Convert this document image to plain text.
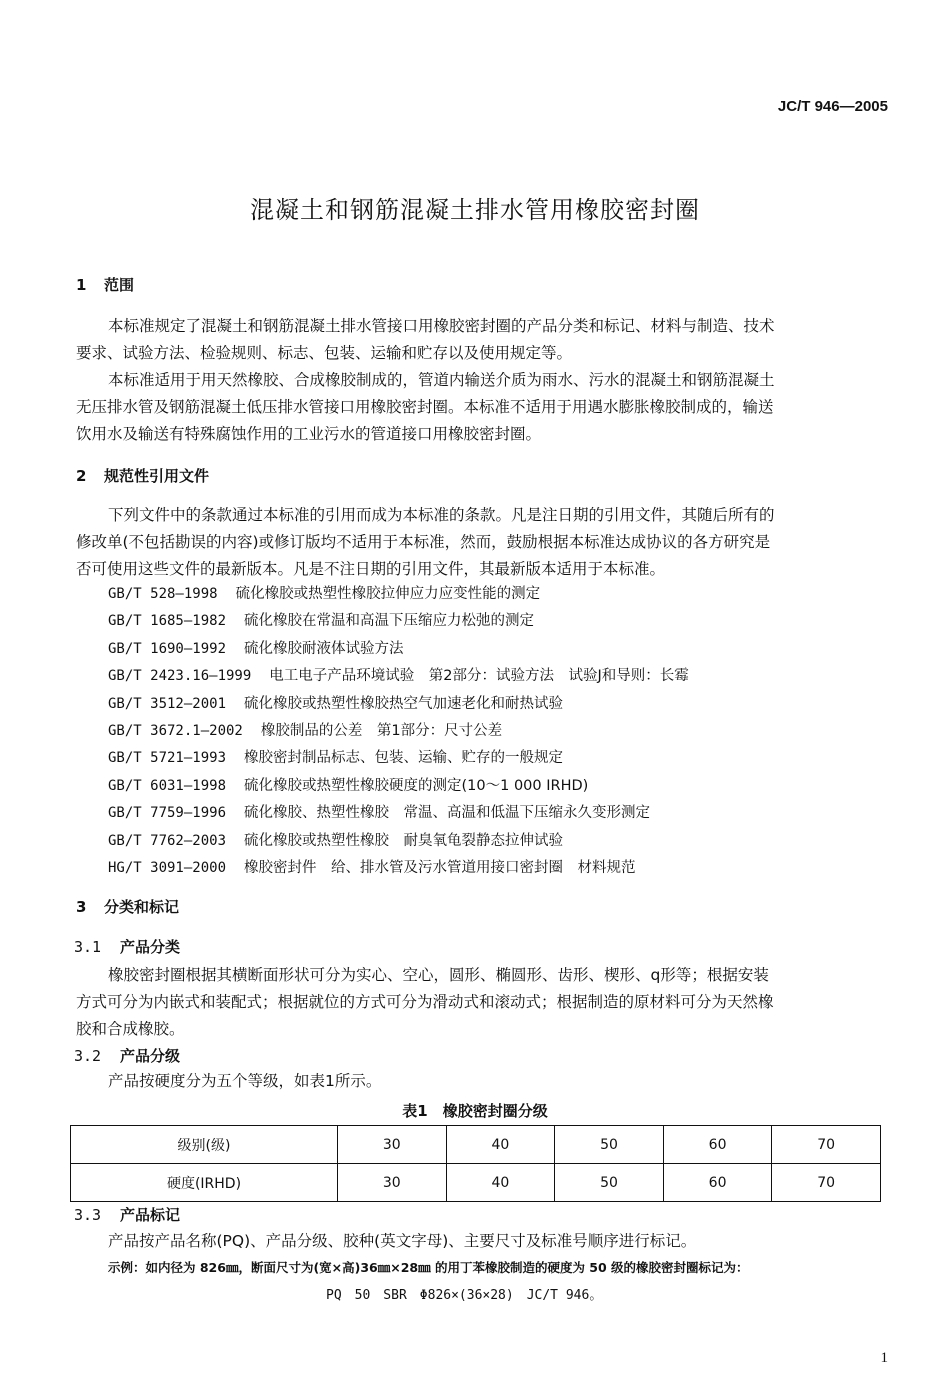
JC/T 946—2005
混凝土和钢筋混凝土排水管用橡胶密封圈
1 范围
本标准规定了混凝土和钢筋混凝土排水管接口用橡胶密封圈的产品分类和标记、材料与制造、技术
要求、试验方法、检验规则、标志、包装、运输和贮存以及使用规定等。
本标准适用于用天然橡胶、合成橡胶制成的，管道内输送介质为雨水、污水的混凝土和钢筋混凝土
无压排水管及钢筋混凝土低压排水管接口用橡胶密封圈。本标准不适用于用遇水膨胀橡胶制成的，输送
饮用水及输送有特殊腐蚀作用的工业污水的管道接口用橡胶密封圈。
2 规范性引用文件
下列文件中的条款通过本标准的引用而成为本标准的条款。凡是注日期的引用文件，其随后所有的
修改单(不包括勘误的内容)或修订版均不适用于本标准，然而，鼓励根据本标准达成协议的各方研究是
否可使用这些文件的最新版本。凡是不注日期的引用文件，其最新版本适用于本标准。
GB/T 528—1998 硫化橡胶或热塑性橡胶拉伸应力应变性能的测定
GB/T 1685—1982 硫化橡胶在常温和高温下压缩应力松弛的测定
GB/T 1690—1992 硫化橡胶耐液体试验方法
GB/T 2423.16—1999 电工电子产品环境试验　第2部分：试验方法　试验J和导则：长霉
GB/T 3512—2001 硫化橡胶或热塑性橡胶热空气加速老化和耐热试验
GB/T 3672.1—2002 橡胶制品的公差　第1部分：尺寸公差
GB/T 5721—1993 橡胶密封制品标志、包装、运输、贮存的一般规定
GB/T 6031—1998 硫化橡胶或热塑性橡胶硬度的测定(10～1 000 IRHD)
GB/T 7759—1996 硫化橡胶、热塑性橡胶　常温、高温和低温下压缩永久变形测定
GB/T 7762—2003 硫化橡胶或热塑性橡胶　耐臭氧龟裂静态拉伸试验
HG/T 3091—2000 橡胶密封件　给、排水管及污水管道用接口密封圈　材料规范
3 分类和标记
3.1 产品分类
橡胶密封圈根据其横断面形状可分为实心、空心，圆形、椭圆形、齿形、楔形、q形等；根据安装
方式可分为内嵌式和装配式；根据就位的方式可分为滑动式和滚动式；根据制造的原材料可分为天然橡
胶和合成橡胶。
3.2 产品分级
产品按硬度分为五个等级，如表1所示。
表1　橡胶密封圈分级
级别(级)	30	40	50	60	70
硬度(IRHD)	30	40	50	60	70
3.3 产品标记
产品按产品名称(PQ)、产品分级、胶种(英文字母)、主要尺寸及标准号顺序进行标记。
示例：如内径为 826㎜，断面尺寸为(宽×高)36㎜×28㎜ 的用丁苯橡胶制造的硬度为 50 级的橡胶密封圈标记为：
PQ　50　SBR　Φ826×(36×28)　JC/T 946。
1
